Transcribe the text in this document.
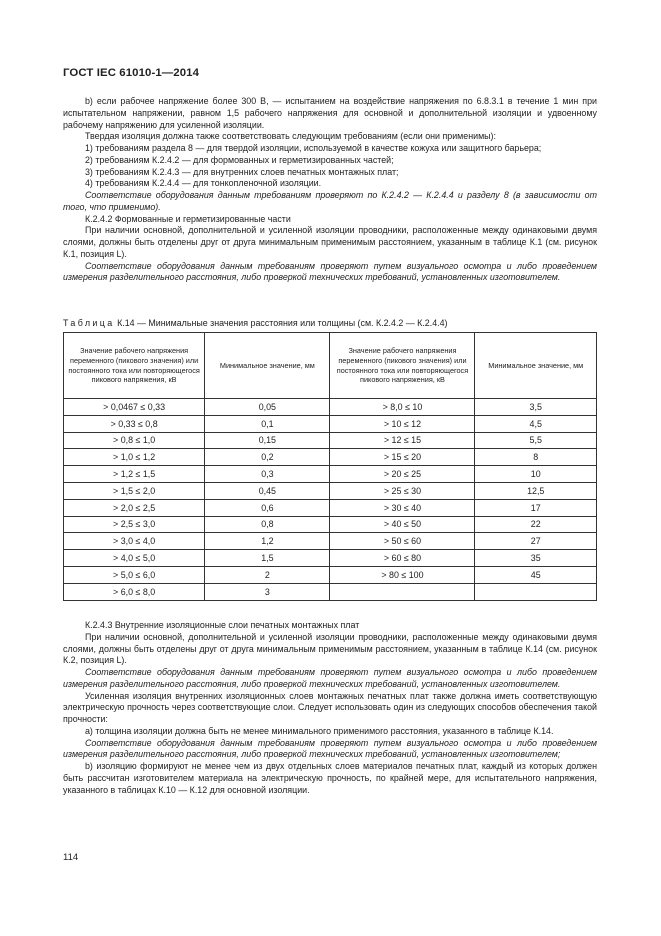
ГОСТ IEC 61010-1—2014

b) если рабочее напряжение более 300 В, — испытанием на воздействие напряжения по 6.8.3.1 в течение 1 мин при испытательном напряжении, равном 1,5 рабочего напряжения для основной и дополнительной изоляции и удвоенному рабочему напряжению для усиленной изоляции.

Твердая изоляция должна также соответствовать следующим требованиям (если они применимы):

1) требованиям раздела 8 — для твердой изоляции, используемой в качестве кожуха или защитного барьера;

2) требованиям К.2.4.2 — для формованных и герметизированных частей;

3) требованиям К.2.4.3 — для внутренних слоев печатных монтажных плат;

4) требованиям К.2.4.4 — для тонкопленочной изоляции.

Соответствие оборудования данным требованиям проверяют по К.2.4.2 — К.2.4.4 и разделу 8 (в зависимости от того, что применимо).

К.2.4.2 Формованные и герметизированные части

При наличии основной, дополнительной и усиленной изоляции проводники, расположенные между одинаковыми двумя слоями, должны быть отделены друг от друга минимальным применимым расстоянием, указанным в таблице К.1 (см. рисунок К.1, позиция L).

Соответствие оборудования данным требованиям проверяют путем визуального осмотра и либо проведением измерения разделительного расстояния, либо проверкой технических требований, установленных изготовителем.

Таблица К.14 — Минимальные значения расстояния или толщины (см. К.2.4.2 — К.2.4.4)
Значение рабочего напряжения переменного (пикового значения) или постоянного тока или повторяющегося пикового напряжения, кВ	Минимальное значение, мм	Значение рабочего напряжения переменного (пикового значения) или постоянного тока или повторяющегося пикового напряжения, кВ	Минимальное значение, мм
> 0,0467 ≤ 0,33	0,05	> 8,0 ≤ 10	3,5
> 0,33 ≤ 0,8	0,1	> 10 ≤ 12	4,5
> 0,8 ≤ 1,0	0,15	> 12 ≤ 15	5,5
> 1,0 ≤ 1,2	0,2	> 15 ≤ 20	8
> 1,2 ≤ 1,5	0,3	> 20 ≤ 25	10
> 1,5 ≤ 2,0	0,45	> 25 ≤ 30	12,5
> 2,0 ≤ 2,5	0,6	> 30 ≤ 40	17
> 2,5 ≤ 3,0	0,8	> 40 ≤ 50	22
> 3,0 ≤ 4,0	1,2	> 50 ≤ 60	27
> 4,0 ≤ 5,0	1,5	> 60 ≤ 80	35
> 5,0 ≤ 6,0	2	> 80 ≤ 100	45
> 6,0 ≤ 8,0	3		

К.2.4.3 Внутренние изоляционные слои печатных монтажных плат

При наличии основной, дополнительной и усиленной изоляции проводники, расположенные между одинаковыми двумя слоями, должны быть отделены друг от друга минимальным применимым расстоянием, указанным в таблице К.14 (см. рисунок К.2, позиция L).

Соответствие оборудования данным требованиям проверяют путем визуального осмотра и либо проведением измерения разделительного расстояния, либо проверкой технических требований, установленных изготовителем.

Усиленная изоляция внутренних изоляционных слоев монтажных печатных плат также должна иметь соответствующую электрическую прочность через соответствующие слои. Следует использовать один из следующих способов обеспечения такой прочности:

а) толщина изоляции должна быть не менее минимального применимого расстояния, указанного в таблице К.14.

Соответствие оборудования данным требованиям проверяют путем визуального осмотра и либо проведением измерения разделительного расстояния, либо проверкой технических требований, установленных изготовителем;

b) изоляцию формируют не менее чем из двух отдельных слоев материалов печатных плат, каждый из которых должен быть рассчитан изготовителем материала на электрическую прочность, по крайней мере, для испытательного напряжения, указанного в таблицах К.10 — К.12 для основной изоляции.

114
